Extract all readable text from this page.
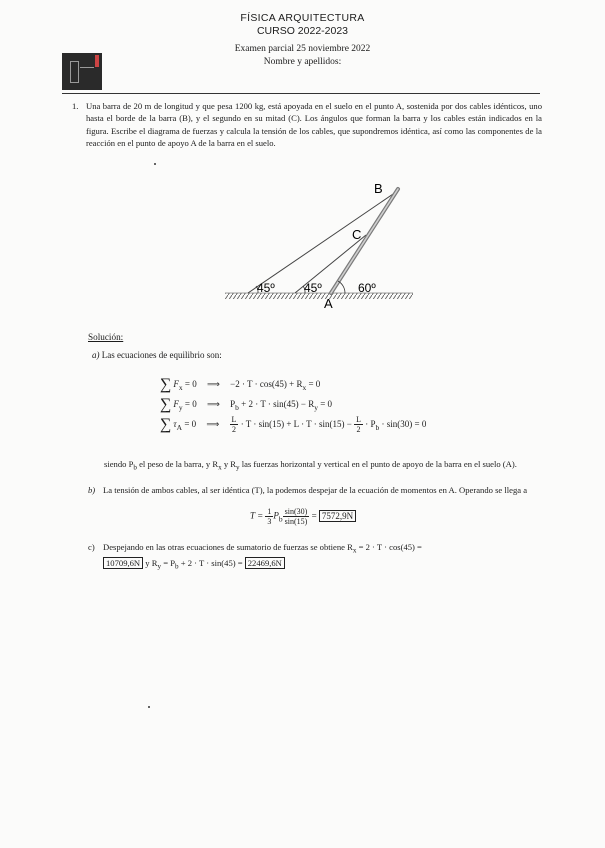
FÍSICA ARQUITECTURA
CURSO 2022-2023
Examen parcial 25 noviembre 2022
Nombre y apellidos:
1. Una barra de 20 m de longitud y que pesa 1200 kg, está apoyada en el suelo en el punto A, sostenida por dos cables idénticos, uno hasta el borde de la barra (B), y el segundo en su mitad (C). Los ángulos que forman la barra y los cables están indicados en la figura. Escribe el diagrama de fuerzas y calcula la tensión de los cables, que supondremos idéntica, así como las componentes de la reacción en el punto de apoyo A de la barra en el suelo.
B
C
A
45º 45º	60º
Solución:
a) Las ecuaciones de equilibrio son:
∑ $F_x = 0$ ⟹ $-2 \cdot T \cdot \cos(45) + R_x = 0$
∑ $F_y = 0$ ⟹ $P_b + 2 \cdot T \cdot \sin(45) - R_y = 0$
∑ $\tau_A = 0$ ⟹ $\frac{L}{2} \cdot T \cdot \sin(15) + L \cdot T \cdot \sin(15) - \frac{L}{2} \cdot P_b \cdot \sin(30) = 0$
siendo $P_b$ el peso de la barra, y $R_x$ y $R_y$ las fuerzas horizontal y vertical en el punto de apoyo de la barra en el suelo (A).
b) La tensión de ambos cables, al ser idéntica (T), la podemos despejar de la ecuación de momentos en A. Operando se llega a
$T = \frac{1}{3} P_b \frac{\sin(30)}{\sin(15)} = 7572,9N$
c) Despejando en las otras ecuaciones de sumatorio de fuerzas se obtiene $R_x = 2 \cdot T \cdot \cos(45)$ =
10709,6N y $R_y = P_b + 2 \cdot T \cdot \sin(45) = 22469,6N$
